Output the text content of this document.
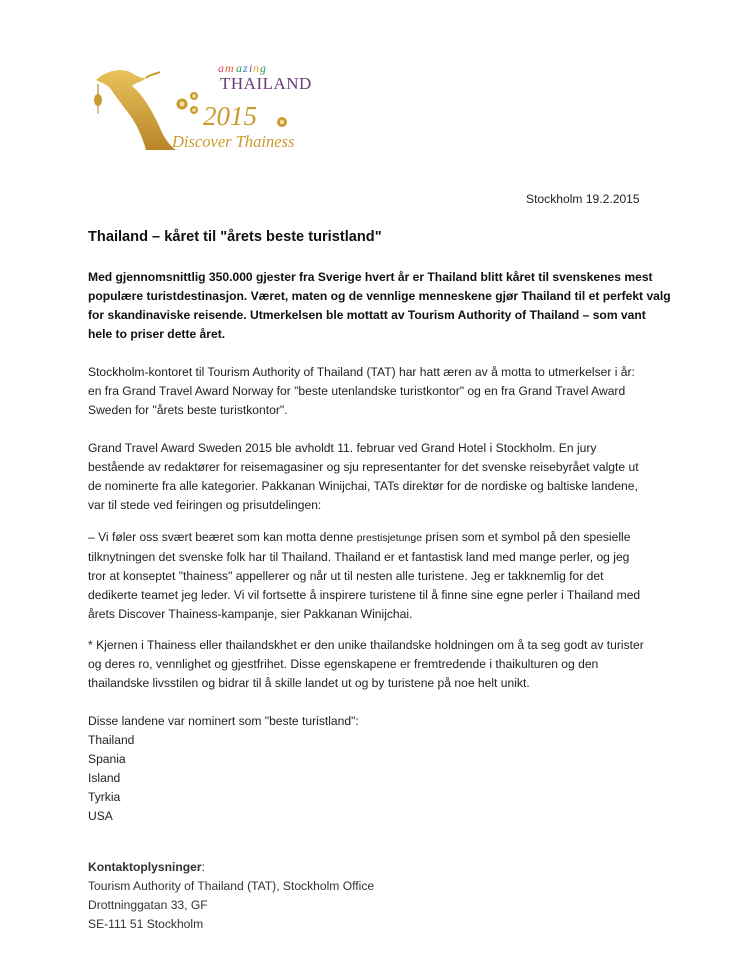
a m a z i n g
THAILAND
2015
Discover Thainess
Stockholm 19.2.2015
Thailand – kåret til "årets beste turistland"
Med gjennomsnittlig 350.000 gjester fra Sverige hvert år er Thailand blitt kåret til svenskenes mest
populære turistdestinasjon. Været, maten og de vennlige menneskene gjør Thailand til et perfekt valg
for skandinaviske reisende. Utmerkelsen ble mottatt av Tourism Authority of Thailand – som vant
hele to priser dette året.
Stockholm-kontoret til Tourism Authority of Thailand (TAT) har hatt æren av å motta to utmerkelser i år:
en fra Grand Travel Award Norway for "beste utenlandske turistkontor" og en fra Grand Travel Award
Sweden for "årets beste turistkontor".
Grand Travel Award Sweden 2015 ble avholdt 11. februar ved Grand Hotel i Stockholm. En jury
bestående av redaktører for reisemagasiner og sju representanter for det svenske reisebyrået valgte ut
de nominerte fra alle kategorier. Pakkanan Winijchai, TATs direktør for de nordiske og baltiske landene,
var til stede ved feiringen og prisutdelingen:
– Vi føler oss svært beæret som kan motta denne prestisjetunge prisen som et symbol på den spesielle
tilknytningen det svenske folk har til Thailand. Thailand er et fantastisk land med mange perler, og jeg
tror at konseptet "thainess" appellerer og når ut til nesten alle turistene. Jeg er takknemlig for det
dedikerte teamet jeg leder. Vi vil fortsette å inspirere turistene til å finne sine egne perler i Thailand med
årets Discover Thainess-kampanje, sier Pakkanan Winijchai.
* Kjernen i Thainess eller thailandskhet er den unike thailandske holdningen om å ta seg godt av turister
og deres ro, vennlighet og gjestfrihet. Disse egenskapene er fremtredende i thaikulturen og den
thailandske livsstilen og bidrar til å skille landet ut og by turistene på noe helt unikt.
Disse landene var nominert som "beste turistland":
Thailand
Spania
Island
Tyrkia
USA
Kontaktoplysninger:
Tourism Authority of Thailand (TAT), Stockholm Office
Drottninggatan 33, GF
SE-111 51 Stockholm
